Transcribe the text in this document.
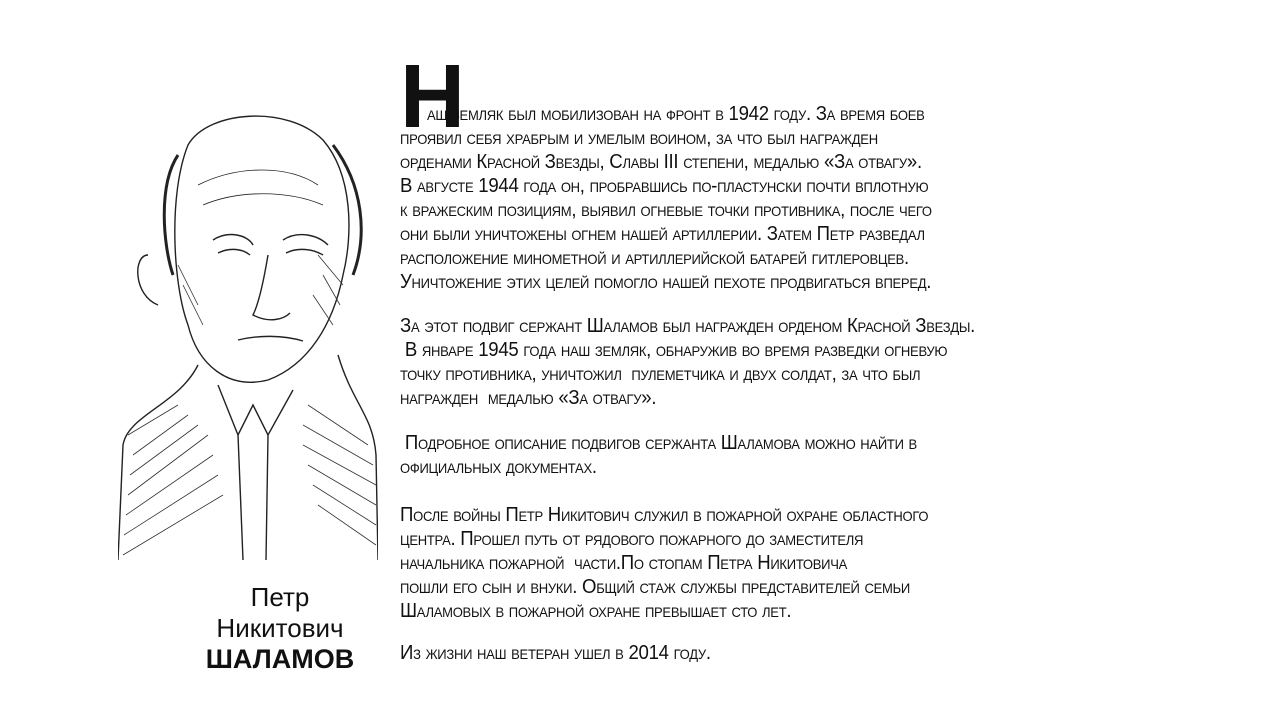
Петр
Никитович
ШАЛАМОВ
Н
аш земляк был мобилизован на фронт в 1942 году. За время боев
проявил себя храбрым и умелым воином, за что был награжден
орденами Красной Звезды, Славы III степени, медалью «За отвагу».
В августе 1944 года он, пробравшись по-пластунски почти вплотную
к вражеским позициям, выявил огневые точки противника, после чего
они были уничтожены огнем нашей артиллерии. Затем Петр разведал
расположение минометной и артиллерийской батарей гитлеровцев.
Уничтожение этих целей помогло нашей пехоте продвигаться вперед.
За этот подвиг сержант Шаламов был награжден орденом Красной Звезды.
В январе 1945 года наш земляк, обнаружив во время разведки огневую
точку противника, уничтожил  пулеметчика и двух солдат, за что был
награжден  медалью «За отвагу».
Подробное описание подвигов сержанта Шаламова можно найти в
официальных документах.
После войны Петр Никитович служил в пожарной охране областного
центра. Прошел путь от рядового пожарного до заместителя
начальника пожарной  части.По стопам Петра Никитовича
пошли его сын и внуки. Общий стаж службы представителей семьи
Шаламовых в пожарной охране превышает сто лет.
Из жизни наш ветеран ушел в 2014 году.
